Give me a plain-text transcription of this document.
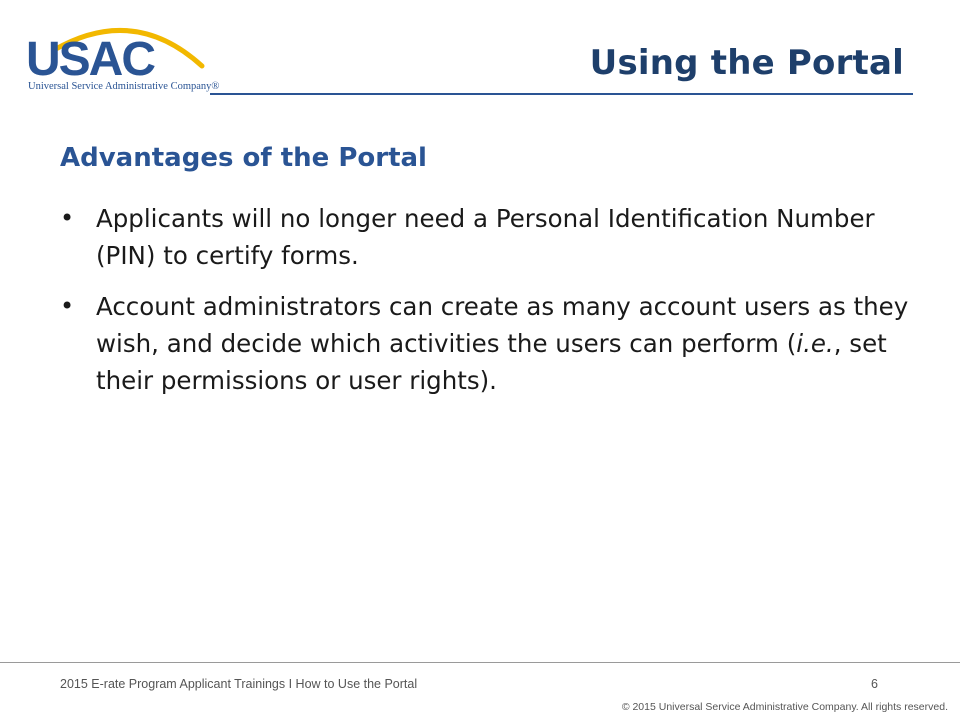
USAC
Universal Service Administrative Company®
Using the Portal
Advantages of the Portal
• Applicants will no longer need a Personal Identification Number (PIN) to certify forms.
• Account administrators can create as many account users as they wish, and decide which activities the users can perform (i.e., set their permissions or user rights).
2015 E-rate Program Applicant Trainings I How to Use the Portal	6
© 2015 Universal Service Administrative Company. All rights reserved.
